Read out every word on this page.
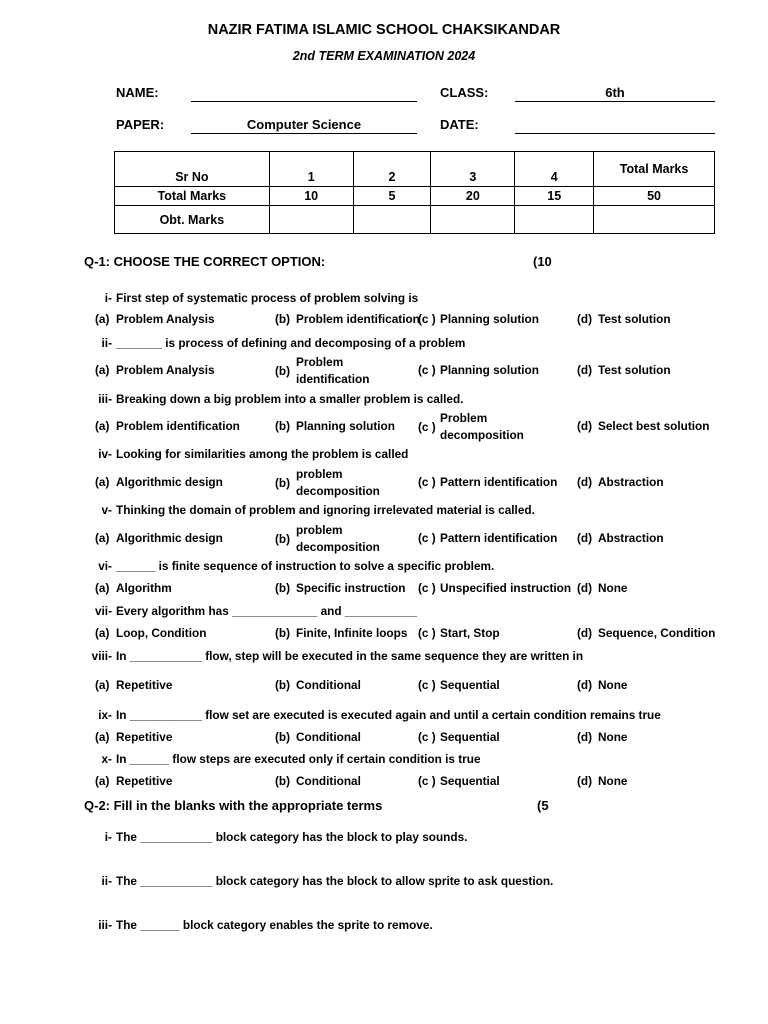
NAZIR FATIMA ISLAMIC SCHOOL CHAKSIKANDAR
2nd TERM EXAMINATION 2024
NAME:	CLASS:	6th
PAPER:	Computer Science	DATE:
Sr No	1	2	3	4	Total Marks
Total Marks	10	5	20	15	50
Obt. Marks					
Q-1: CHOOSE THE CORRECT OPTION:	(10
i- First step of systematic process of problem solving is
(a) Problem Analysis	(b) Problem identification
(c ) Planning solution	(d) Test solution
ii- _______ is process of defining and decomposing of a problem
(a) Problem Analysis	(b)Problem identification
(c ) Planning solution	(d) Test solution
iii- Breaking down a big problem into a smaller problem is called.
(a) Problem identification	(b) Planning solution (c )Problem decomposition
(d) Select best solution
iv- Looking for similarities among the problem is called
(a) Algorithmic design	(b)problem decomposition
(c ) Pattern identification (d) Abstraction
v- Thinking the domain of problem and ignoring irrelevated material is called.
(a) Algorithmic design	(b)problem decomposition
(c ) Pattern identification (d) Abstraction
vi- ______ is finite sequence of instruction to solve a specific problem.
(a) Algorithm	(b) Specific instruction (c ) Unspecified instruction (d) None
vii- Every algorithm has _____________ and ___________
(a) Loop, Condition	(b) Finite, Infinite loops (c ) Start, Stop	(d) Sequence, Condition
viii- In ___________ flow, step will be executed in the same sequence they are written in
(a) Repetitive	(b) Conditional	(c ) Sequential	(d) None
ix- In ___________ flow set are executed is executed again and until a certain condition remains true
(a) Repetitive	(b) Conditional	(c ) Sequential	(d) None
x- In ______ flow steps are executed only if certain condition is true
(a) Repetitive	(b) Conditional	(c ) Sequential	(d) None
Q-2: Fill in the blanks with the appropriate terms	(5
i- The ___________ block category has the block to play sounds.
ii- The ___________ block category has the block to allow sprite to ask question.
iii- The ______ block category enables the sprite to remove.
